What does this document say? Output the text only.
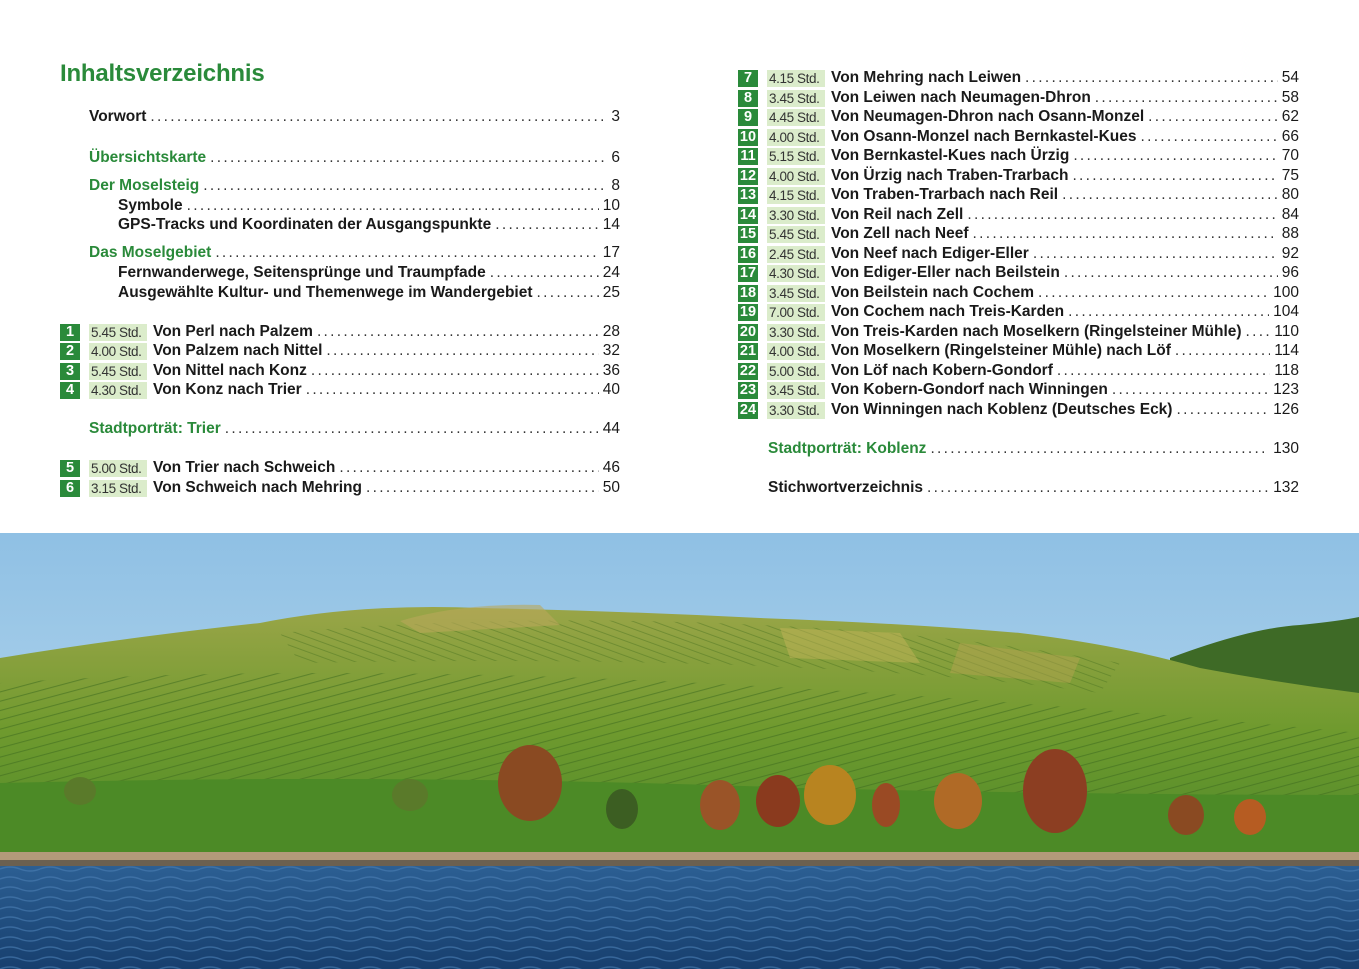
Inhaltsverzeichnis
Vorwort . . .	3
Übersichtskarte . . .	6
Der Moselsteig . . .	8
Symbole . . .	10
GPS-Tracks und Koordinaten der Ausgangspunkte . . .	14
Das Moselgebiet . . .	17
Fernwanderwege, Seitensprünge und Traumpfade . . .	24
Ausgewählte Kultur- und Themenwege im Wandergebiet . . .	25
1	5.45 Std. Von Perl nach Palzem . . .	28
2	4.00 Std. Von Palzem nach Nittel . . .	32
3	5.45 Std. Von Nittel nach Konz . . .	36
4	4.30 Std. Von Konz nach Trier . . .	40
Stadtporträt: Trier . . .	44
5	5.00 Std. Von Trier nach Schweich . . .	46
6	3.15 Std. Von Schweich nach Mehring . . .	50
7	4.15 Std. Von Mehring nach Leiwen . . .	54
8	3.45 Std. Von Leiwen nach Neumagen-Dhron . . .	58
9	4.45 Std. Von Neumagen-Dhron nach Osann-Monzel . . .	62
10 4.00 Std. Von Osann-Monzel nach Bernkastel-Kues . . .	66
11 5.15 Std. Von Bernkastel-Kues nach Ürzig . . .	70
12 4.00 Std. Von Ürzig nach Traben-Trarbach . . .	75
13 4.15 Std. Von Traben-Trarbach nach Reil . . .	80
14 3.30 Std. Von Reil nach Zell . . .	84
15 5.45 Std. Von Zell nach Neef . . .	88
16 2.45 Std. Von Neef nach Ediger-Eller . . .	92
17 4.30 Std. Von Ediger-Eller nach Beilstein . . .	96
18 3.45 Std. Von Beilstein nach Cochem . . .	100
19 7.00 Std. Von Cochem nach Treis-Karden . . .	104
20 3.30 Std. Von Treis-Karden nach Moselkern (Ringelsteiner Mühle) . . . 110
21 4.00 Std. Von Moselkern (Ringelsteiner Mühle) nach Löf . . .	114
22 5.00 Std. Von Löf nach Kobern-Gondorf . . .	118
23 3.45 Std. Von Kobern-Gondorf nach Winningen . . .	123
24 3.30 Std. Von Winningen nach Koblenz (Deutsches Eck) . . .	126
Stadtporträt: Koblenz . . .	130
Stichwortverzeichnis . . .	132
